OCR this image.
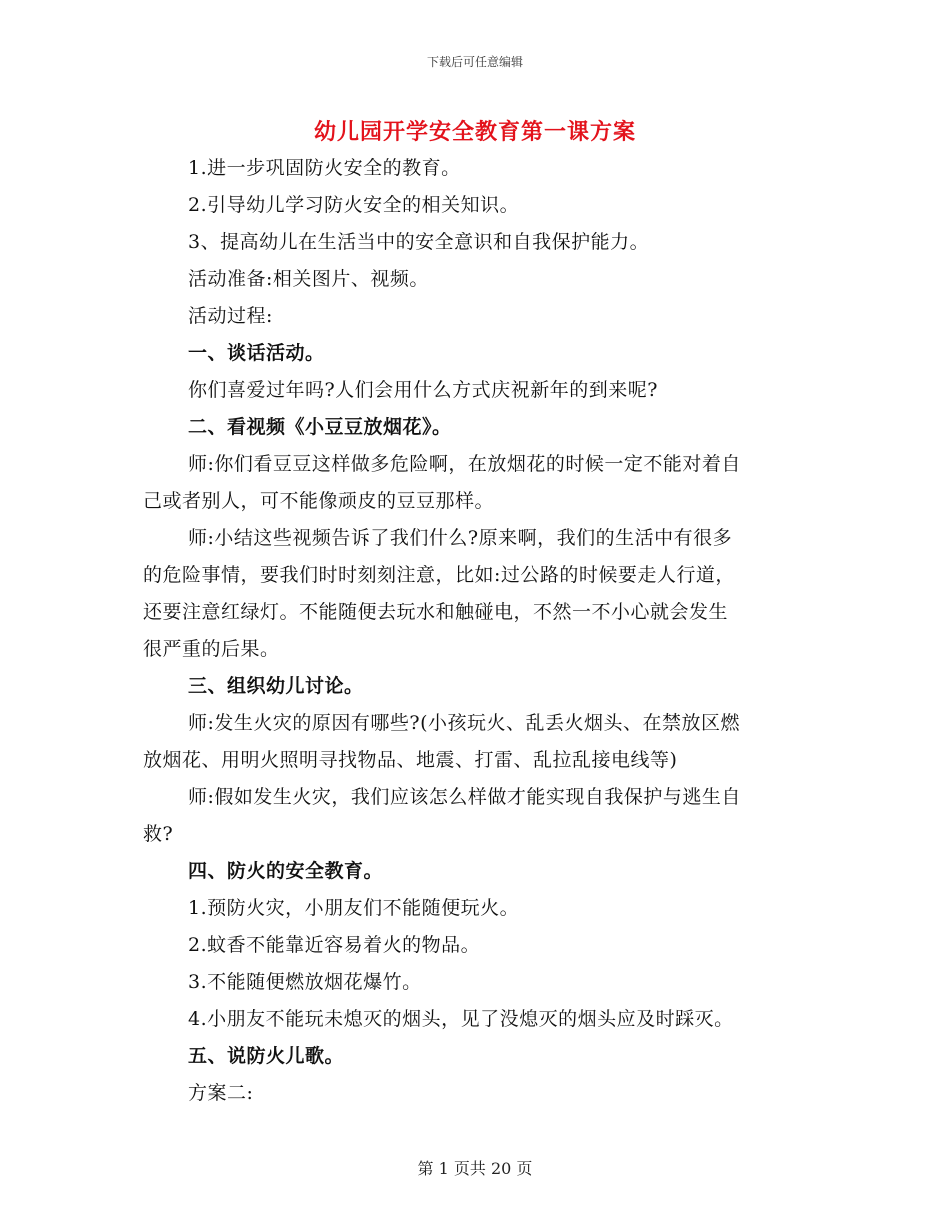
下载后可任意编辑
幼儿园开学安全教育第一课方案
1.进一步巩固防火安全的教育。
2.引导幼儿学习防火安全的相关知识。
3、提高幼儿在生活当中的安全意识和自我保护能力。
活动准备:相关图片、视频。
活动过程:
一、谈话活动。
你们喜爱过年吗?人们会用什么方式庆祝新年的到来呢?
二、看视频《小豆豆放烟花》。
师:你们看豆豆这样做多危险啊，在放烟花的时候一定不能对着自
己或者别人，可不能像顽皮的豆豆那样。
师:小结这些视频告诉了我们什么?原来啊，我们的生活中有很多
的危险事情，要我们时时刻刻注意，比如:过公路的时候要走人行道，
还要注意红绿灯。不能随便去玩水和触碰电，不然一不小心就会发生
很严重的后果。
三、组织幼儿讨论。
师:发生火灾的原因有哪些?(小孩玩火、乱丢火烟头、在禁放区燃
放烟花、用明火照明寻找物品、地震、打雷、乱拉乱接电线等)
师:假如发生火灾，我们应该怎么样做才能实现自我保护与逃生自
救?
四、防火的安全教育。
1.预防火灾，小朋友们不能随便玩火。
2.蚊香不能靠近容易着火的物品。
3.不能随便燃放烟花爆竹。
4.小朋友不能玩未熄灭的烟头，见了没熄灭的烟头应及时踩灭。
五、说防火儿歌。
方案二:
第 1 页共 20 页
